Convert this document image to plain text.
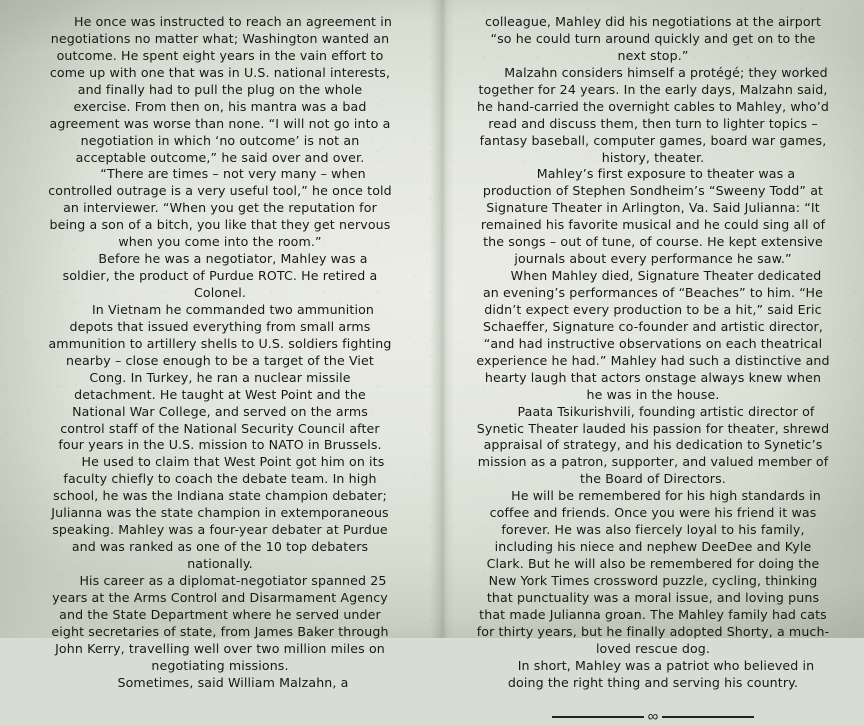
He once was instructed to reach an agreement in negotiations no matter what; Washington wanted an outcome. He spent eight years in the vain effort to come up with one that was in U.S. national interests, and finally had to pull the plug on the whole exercise. From then on, his mantra was a bad agreement was worse than none. “I will not go into a negotiation in which ‘no outcome’ is not an acceptable outcome,” he said over and over.

“There are times – not very many – when controlled outrage is a very useful tool,” he once told an interviewer. “When you get the reputation for being a son of a bitch, you like that they get nervous when you come into the room.”

Before he was a negotiator, Mahley was a soldier, the product of Purdue ROTC. He retired a Colonel.

In Vietnam he commanded two ammunition depots that issued everything from small arms ammunition to artillery shells to U.S. soldiers fighting nearby – close enough to be a target of the Viet Cong. In Turkey, he ran a nuclear missile detachment. He taught at West Point and the National War College, and served on the arms control staff of the National Security Council after four years in the U.S. mission to NATO in Brussels.

He used to claim that West Point got him on its faculty chiefly to coach the debate team. In high school, he was the Indiana state champion debater; Julianna was the state champion in extemporaneous speaking. Mahley was a four-year debater at Purdue and was ranked as one of the 10 top debaters nationally.

His career as a diplomat-negotiator spanned 25 years at the Arms Control and Disarmament Agency and the State Department where he served under eight secretaries of state, from James Baker through John Kerry, travelling well over two million miles on negotiating missions.

Sometimes, said William Malzahn, a

colleague, Mahley did his negotiations at the airport “so he could turn around quickly and get on to the next stop.”

Malzahn considers himself a protégé; they worked together for 24 years. In the early days, Malzahn said, he hand-carried the overnight cables to Mahley, who’d read and discuss them, then turn to lighter topics – fantasy baseball, computer games, board war games, history, theater.

Mahley’s first exposure to theater was a production of Stephen Sondheim’s “Sweeny Todd” at Signature Theater in Arlington, Va. Said Julianna: “It remained his favorite musical and he could sing all of the songs – out of tune, of course. He kept extensive journals about every performance he saw.”

When Mahley died, Signature Theater dedicated an evening’s performances of “Beaches” to him. “He didn’t expect every production to be a hit,” said Eric Schaeffer, Signature co-founder and artistic director, “and had instructive observations on each theatrical experience he had.” Mahley had such a distinctive and hearty laugh that actors onstage always knew when he was in the house.

Paata Tsikurishvili, founding artistic director of Synetic Theater lauded his passion for theater, shrewd appraisal of strategy, and his dedication to Synetic’s mission as a patron, supporter, and valued member of the Board of Directors.

He will be remembered for his high standards in coffee and friends. Once you were his friend it was forever. He was also fiercely loyal to his family, including his niece and nephew DeeDee and Kyle Clark. But he will also be remembered for doing the New York Times crossword puzzle, cycling, thinking that punctuality was a moral issue, and loving puns that made Julianna groan. The Mahley family had cats for thirty years, but he finally adopted Shorty, a much-loved rescue dog.

In short, Mahley was a patriot who believed in doing the right thing and serving his country.

∞
